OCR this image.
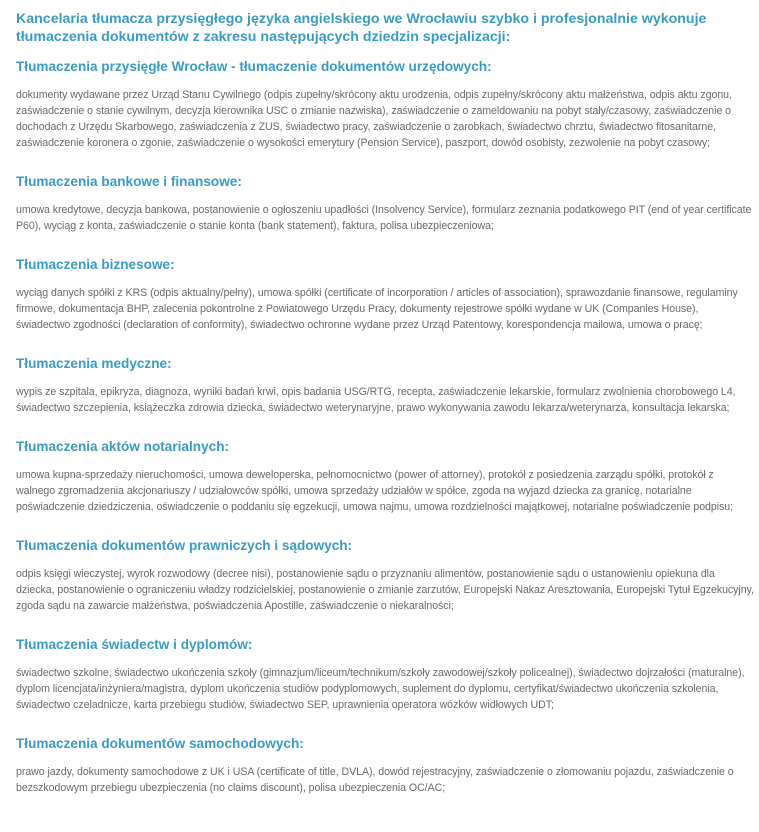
Kancelaria tłumacza przysięgłego języka angielskiego we Wrocławiu szybko i profesjonalnie wykonuje tłumaczenia dokumentów z zakresu następujących dziedzin specjalizacji:

Tłumaczenia przysięgłe Wrocław - tłumaczenie dokumentów urzędowych:

dokumenty wydawane przez Urząd Stanu Cywilnego (odpis zupełny/skrócony aktu urodzenia, odpis zupełny/skrócony aktu małżeństwa, odpis aktu zgonu, zaświadczenie o stanie cywilnym, decyzja kierownika USC o zmianie nazwiska), zaświadczenie o zameldowaniu na pobyt stały/czasowy, zaświadczenie o dochodach z Urzędu Skarbowego, zaświadczenia z ZUS, świadectwo pracy, zaświadczenie o zarobkach, świadectwo chrztu, świadectwo fitosanitarne, zaświadczenie koronera o zgonie, zaświadczenie o wysokości emerytury (Pension Service), paszport, dowód osobisty, zezwolenie na pobyt czasowy;

Tłumaczenia bankowe i finansowe:

umowa kredytowe, decyzja bankowa, postanowienie o ogłoszeniu upadłości (Insolvency Service), formularz zeznania podatkowego PIT (end of year certificate P60), wyciąg z konta, zaświadczenie o stanie konta (bank statement), faktura, polisa ubezpieczeniowa;

Tłumaczenia biznesowe:

wyciąg danych spółki z KRS (odpis aktualny/pełny), umowa spółki (certificate of incorporation / articles of association), sprawozdanie finansowe, regulaminy firmowe, dokumentacja BHP, zalecenia pokontrolne z Powiatowego Urzędu Pracy, dokumenty rejestrowe spółki wydane w UK (Companies House), świadectwo zgodności (declaration of conformity), świadectwo ochronne wydane przez Urząd Patentowy, korespondencja mailowa, umowa o pracę;

Tłumaczenia medyczne:

wypis ze szpitala, epikryza, diagnoza, wyniki badań krwi, opis badania USG/RTG, recepta, zaświadczenie lekarskie, formularz zwolnienia chorobowego L4, świadectwo szczepienia, książeczka zdrowia dziecka, świadectwo weterynaryjne, prawo wykonywania zawodu lekarza/weterynarza, konsultacja lekarska;

Tłumaczenia aktów notarialnych:

umowa kupna-sprzedaży nieruchomości, umowa deweloperska, pełnomocnictwo (power of attorney), protokół z posiedzenia zarządu spółki, protokół z walnego zgromadzenia akcjonariuszy / udziałowców spółki, umowa sprzedaży udziałów w spółce, zgoda na wyjazd dziecka za granicę, notarialne poświadczenie dziedziczenia, oświadczenie o poddaniu się egzekucji, umowa najmu, umowa rozdzielności majątkowej, notarialne poświadczenie podpisu;

Tłumaczenia dokumentów prawniczych i sądowych:

odpis księgi wieczystej, wyrok rozwodowy (decree nisi), postanowienie sądu o przyznaniu alimentów, postanowienie sądu o ustanowieniu opiekuna dla dziecka, postanowienie o ograniczeniu władzy rodzicielskiej, postanowienie o zmianie zarzutów, Europejski Nakaz Aresztowania, Europejski Tytuł Egzekucyjny, zgoda sądu na zawarcie małżeństwa, poświadczenia Apostille, zaświadczenie o niekaralności;

Tłumaczenia świadectw i dyplomów:

świadectwo szkolne, świadectwo ukończenia szkoły (gimnazjum/liceum/technikum/szkoły zawodowej/szkoły policealnej), świadectwo dojrzałości (maturalne), dyplom licencjata/inżyniera/magistra, dyplom ukończenia studiów podyplomowych, suplement do dyplomu, certyfikat/świadectwo ukończenia szkolenia, świadectwo czeladnicze, karta przebiegu studiów, świadectwo SEP, uprawnienia operatora wózków widłowych UDT;

Tłumaczenia dokumentów samochodowych:

prawo jazdy, dokumenty samochodowe z UK i USA (certificate of title, DVLA), dowód rejestracyjny, zaświadczenie o złomowaniu pojazdu, zaświadczenie o bezszkodowym przebiegu ubezpieczenia (no claims discount), polisa ubezpieczenia OC/AC;
